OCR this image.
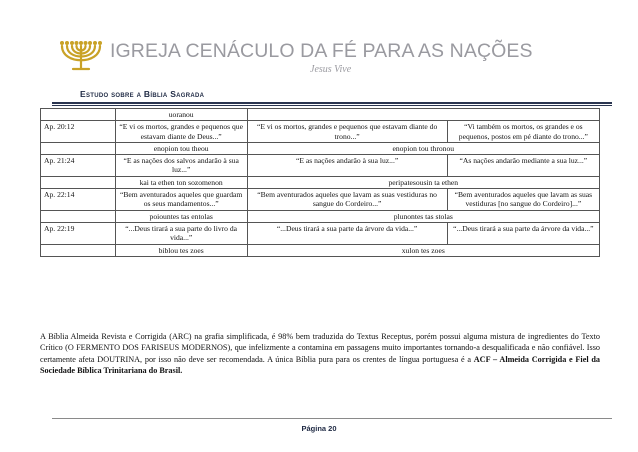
IGREJA CENÁCULO DA FÉ PARA AS NAÇÕES
Jesus Vive
Estudo sobre a Bíblia Sagrada
	uoranou		
Ap. 20:12	“E vi os mortos, grandes e pequenos que estavam diante de Deus...”	“E vi os mortos, grandes e pequenos que estavam diante do trono...”	“Vi também os mortos, os grandes e os pequenos, postos em pé diante do trono...”
	enopion tou theou	enopion tou thronou	
Ap. 21:24	“E as nações dos salvos andarão à sua luz...”	“E as nações andarão à sua luz...”	“As nações andarão mediante a sua luz...”
	kai ta ethen ton sozomenon	peripatesousin ta ethen	
Ap. 22:14	“Bem aventurados aqueles que guardam os seus mandamentos...”	“Bem aventurados aqueles que lavam as suas vestiduras no sangue do Cordeiro...”	“Bem aventurados aqueles que lavam as suas vestiduras [no sangue do Cordeiro]...”
	poiountes tas entolas	plunontes tas stolas	
Ap. 22:19	“...Deus tirará a sua parte do livro da vida...”	“...Deus tirará a sua parte da árvore da vida...”	“...Deus tirará a sua parte da árvore da vida...”
	biblou tes zoes	xulon tes zoes	
A Bíblia Almeida Revista e Corrigida (ARC) na grafia simplificada, é 98% bem traduzida do Textus Receptus, porém possui alguma mistura de ingredientes do Texto Crítico (O FERMENTO DOS FARISEUS MODERNOS), que infelizmente a contamina em passagens muito importantes tornando-a desqualificada e não confiável. Isso certamente afeta DOUTRINA, por isso não deve ser recomendada. A única Bíblia pura para os crentes de língua portuguesa é a ACF – Almeida Corrigida e Fiel da Sociedade Bíblica Trinitariana do Brasil.
Página 20
